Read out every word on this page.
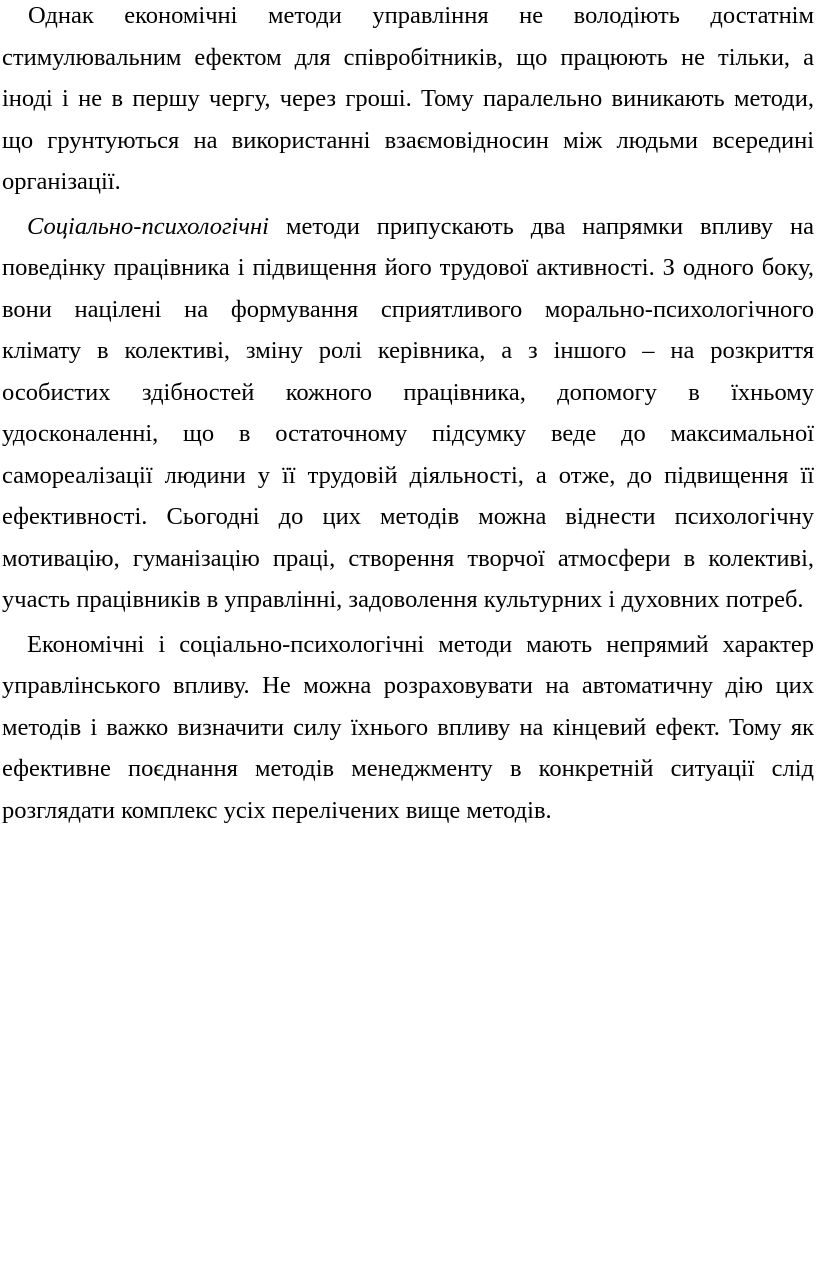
Однак економічні методи управління не володіють достатнім стимулювальним ефектом для співробітників, що працюють не тільки, а іноді і не в першу чергу, через гроші. Тому паралельно виникають методи, що грунтуються на використанні взаємовідносин між людьми всередині організації.

Соціально-психологічні методи припускають два напрямки впливу на поведінку працівника і підвищення його трудової активності. З одного боку, вони націлені на формування сприятливого морально-психологічного клімату в колективі, зміну ролі керівника, а з іншого – на розкриття особистих здібностей кожного працівника, допомогу в їхньому удосконаленні, що в остаточному підсумку веде до максимальної самореалізації людини у її трудовій діяльності, а отже, до підвищення її ефективності. Сьогодні до цих методів можна віднести психологічну мотивацію, гуманізацію праці, створення творчої атмосфери в колективі, участь працівників в управлінні, задоволення культурних і духовних потреб.

Економічні і соціально-психологічні методи мають непрямий характер управлінського впливу. Не можна розраховувати на автоматичну дію цих методів і важко визначити силу їхнього впливу на кінцевий ефект. Тому як ефективне поєднання методів менеджменту в конкретній ситуації слід розглядати комплекс усіх перелічених вище методів.
